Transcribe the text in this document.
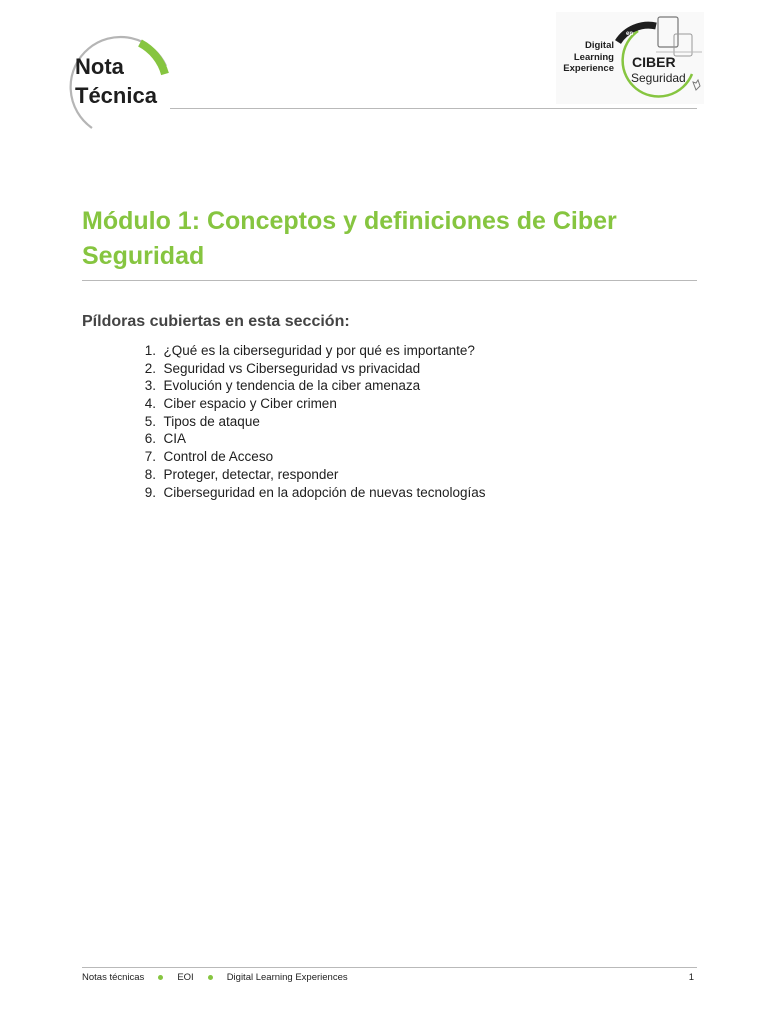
Nota
Técnica
Digital
Learning
Experience
en
CIBER
Seguridad
Módulo 1: Conceptos y definiciones de Ciber Seguridad
Píldoras cubiertas en esta sección:
1. ¿Qué es la ciberseguridad y por qué es importante?
2. Seguridad vs Ciberseguridad vs privacidad
3. Evolución y tendencia de la ciber amenaza
4. Ciber espacio y Ciber crimen
5. Tipos de ataque
6. CIA
7. Control de Acceso
8. Proteger, detectar, responder
9. Ciberseguridad en la adopción de nuevas tecnologías
Notas técnicas	EOI	Digital Learning Experiences	1
